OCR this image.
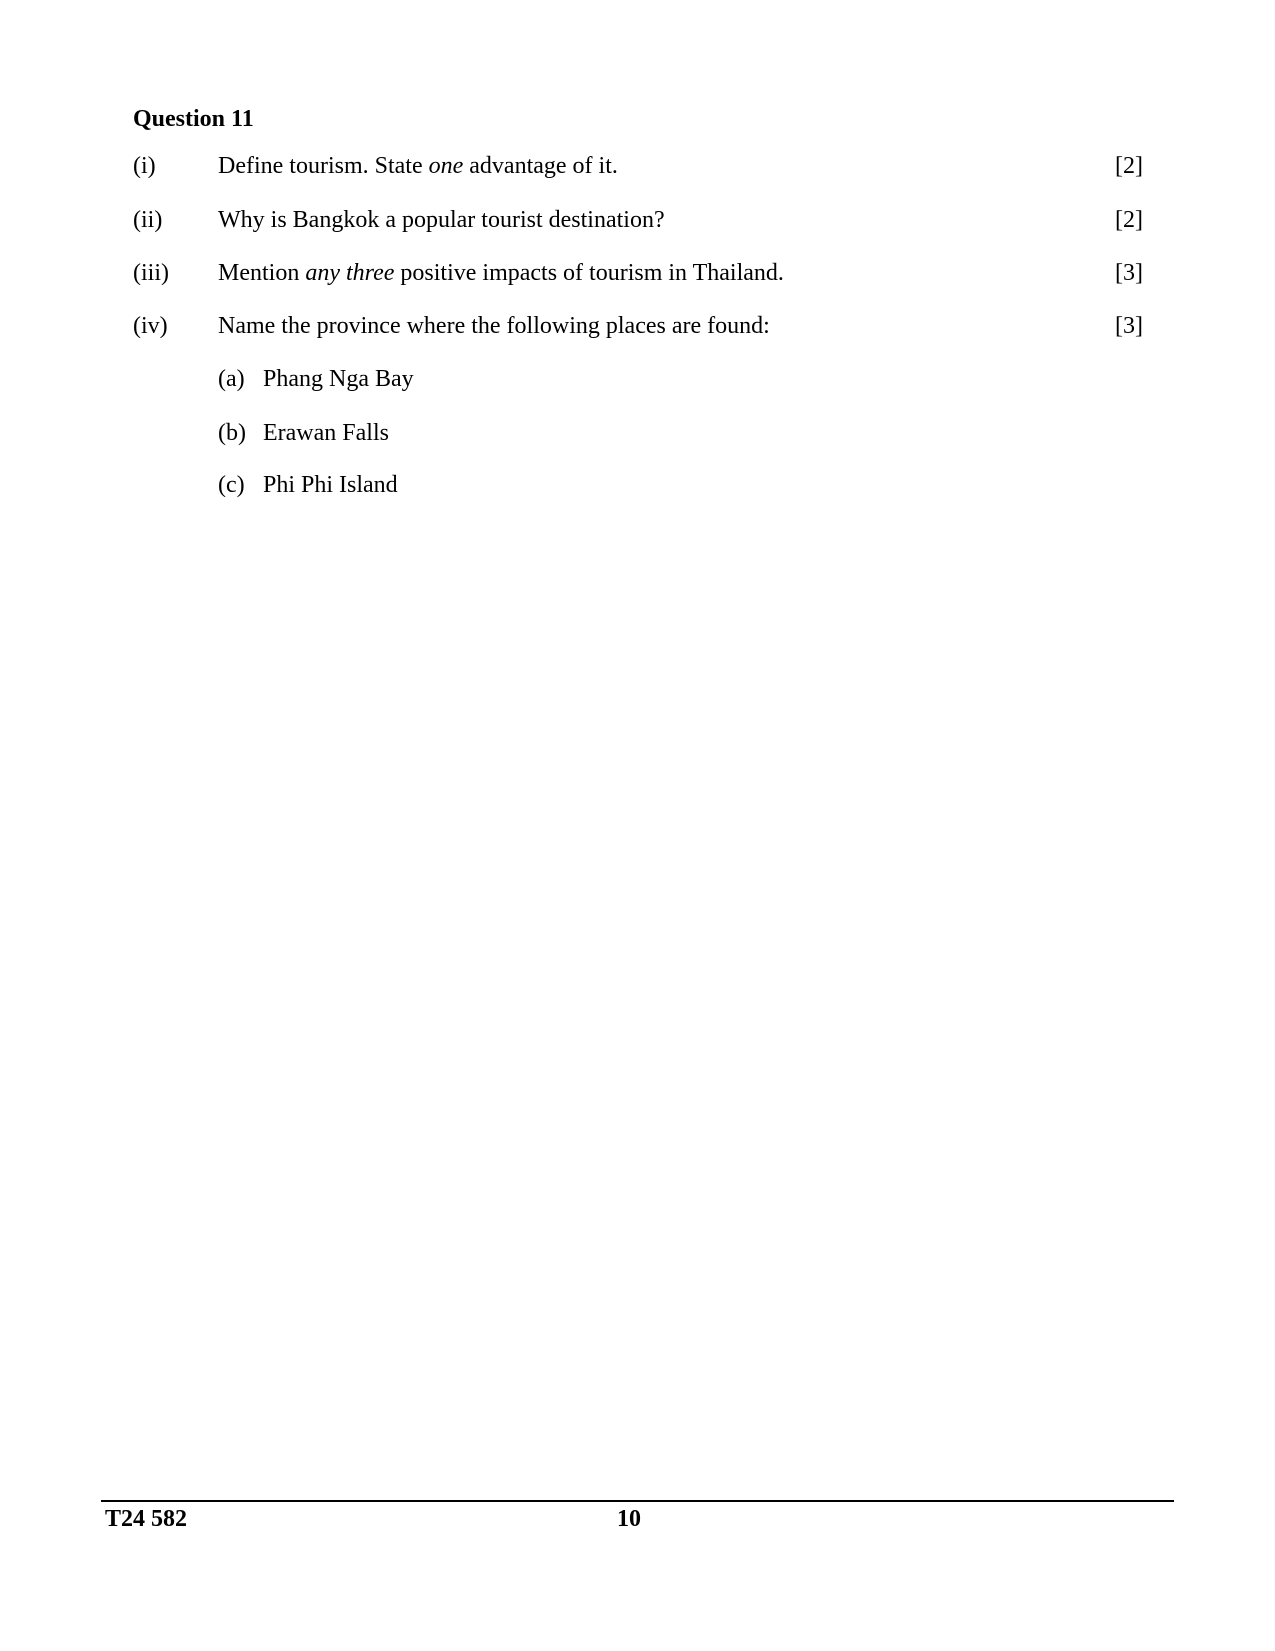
Question 11
(i)	Define tourism. State one advantage of it.	[2]
(ii) Why is Bangkok a popular tourist destination?	[2]
(iii) Mention any three positive impacts of tourism in Thailand.	[3]
(iv) Name the province where the following places are found:	[3]
(a) Phang Nga Bay
(b) Erawan Falls
(c) Phi Phi Island
T24 582	10
